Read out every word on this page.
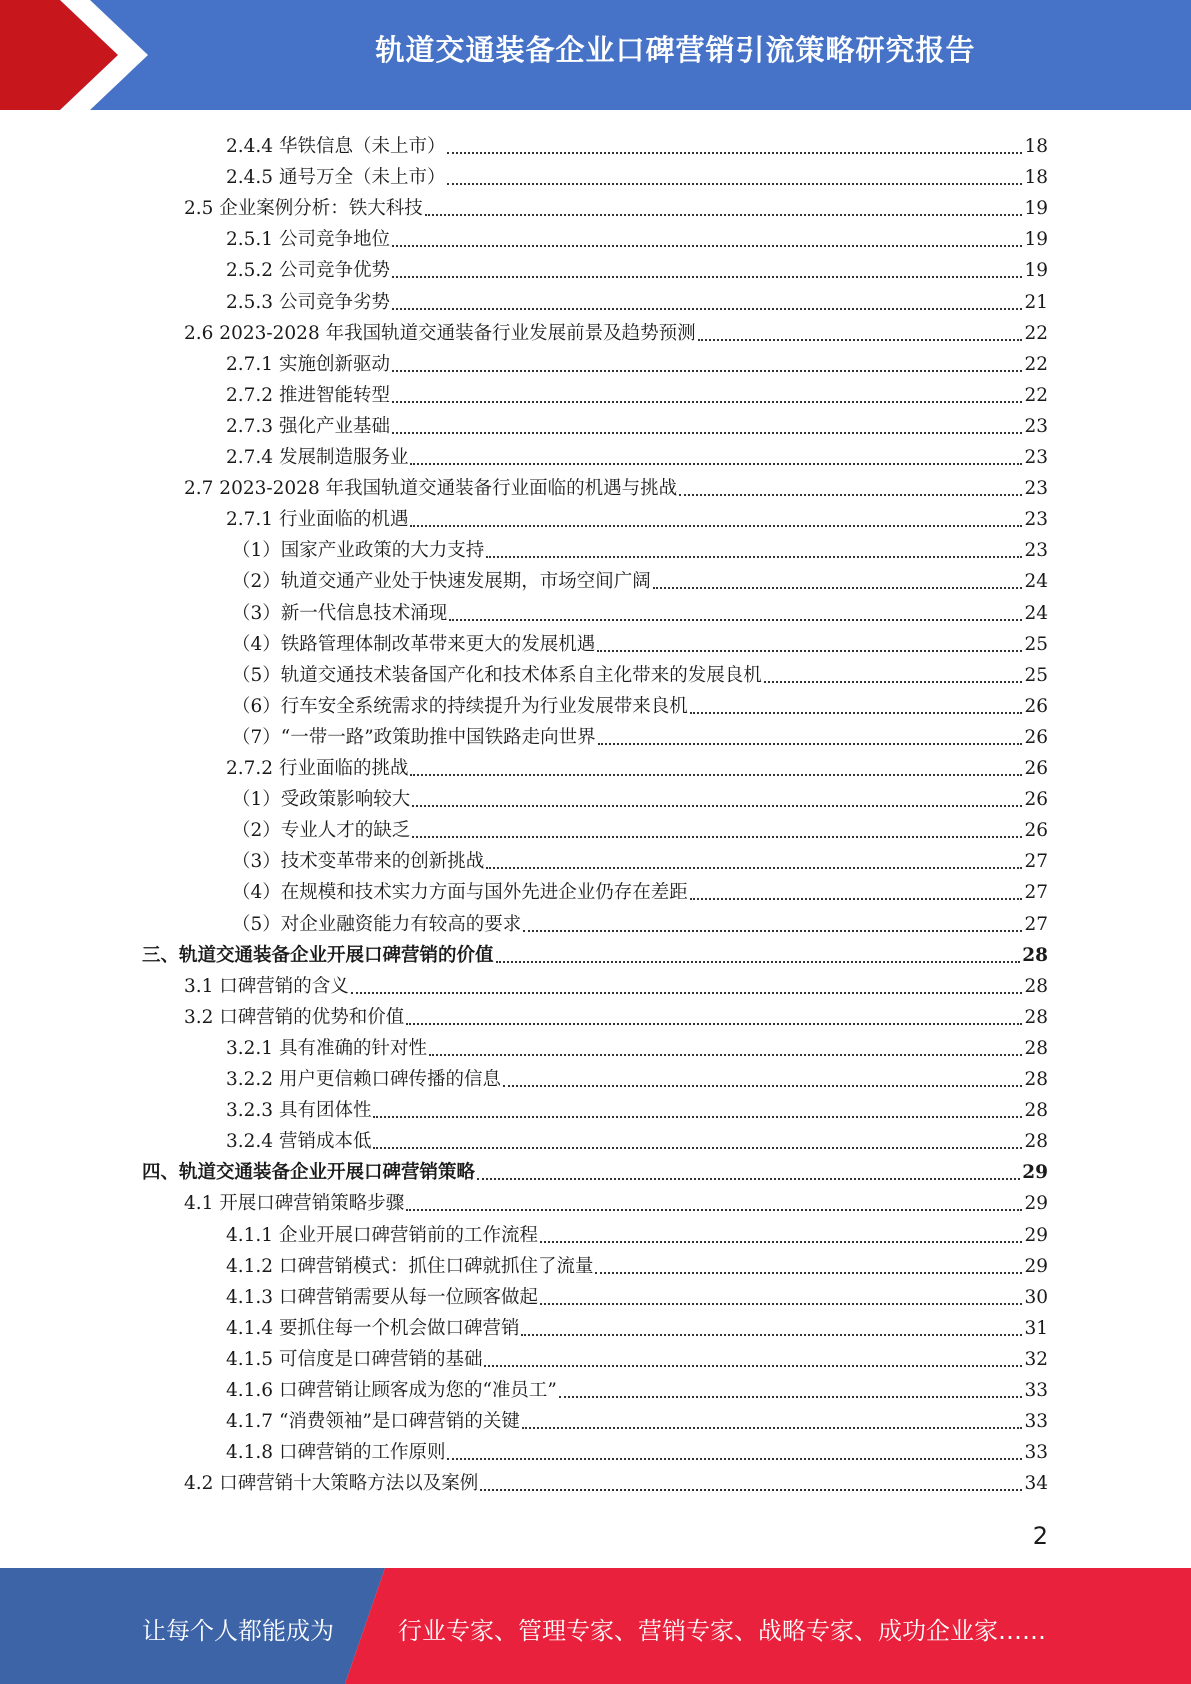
轨道交通装备企业口碑营销引流策略研究报告
2.4.4 华铁信息（未上市）	18
2.4.5 通号万全（未上市）	18
2.5 企业案例分析：铁大科技	19
2.5.1 公司竞争地位	19
2.5.2 公司竞争优势	19
2.5.3 公司竞争劣势	21
2.6 2023-2028 年我国轨道交通装备行业发展前景及趋势预测	22
2.7.1 实施创新驱动	22
2.7.2 推进智能转型	22
2.7.3 强化产业基础	23
2.7.4 发展制造服务业	23
2.7 2023-2028 年我国轨道交通装备行业面临的机遇与挑战	23
2.7.1 行业面临的机遇	23
（1）国家产业政策的大力支持	23
（2）轨道交通产业处于快速发展期，市场空间广阔	24
（3）新一代信息技术涌现	24
（4）铁路管理体制改革带来更大的发展机遇	25
（5）轨道交通技术装备国产化和技术体系自主化带来的发展良机	25
（6）行车安全系统需求的持续提升为行业发展带来良机	26
（7）“一带一路”政策助推中国铁路走向世界	26
2.7.2 行业面临的挑战	26
（1）受政策影响较大	26
（2）专业人才的缺乏	26
（3）技术变革带来的创新挑战	27
（4）在规模和技术实力方面与国外先进企业仍存在差距	27
（5）对企业融资能力有较高的要求	27
三、轨道交通装备企业开展口碑营销的价值	28
3.1 口碑营销的含义	28
3.2 口碑营销的优势和价值	28
3.2.1 具有准确的针对性	28
3.2.2 用户更信赖口碑传播的信息	28
3.2.3 具有团体性	28
3.2.4 营销成本低	28
四、轨道交通装备企业开展口碑营销策略	29
4.1 开展口碑营销策略步骤	29
4.1.1 企业开展口碑营销前的工作流程	29
4.1.2 口碑营销模式：抓住口碑就抓住了流量	29
4.1.3 口碑营销需要从每一位顾客做起	30
4.1.4 要抓住每一个机会做口碑营销	31
4.1.5 可信度是口碑营销的基础	32
4.1.6 口碑营销让顾客成为您的“准员工”	33
4.1.7 “消费领袖”是口碑营销的关键	33
4.1.8 口碑营销的工作原则	33
4.2 口碑营销十大策略方法以及案例	34
2
让每个人都能成为	行业专家、管理专家、营销专家、战略专家、成功企业家……
